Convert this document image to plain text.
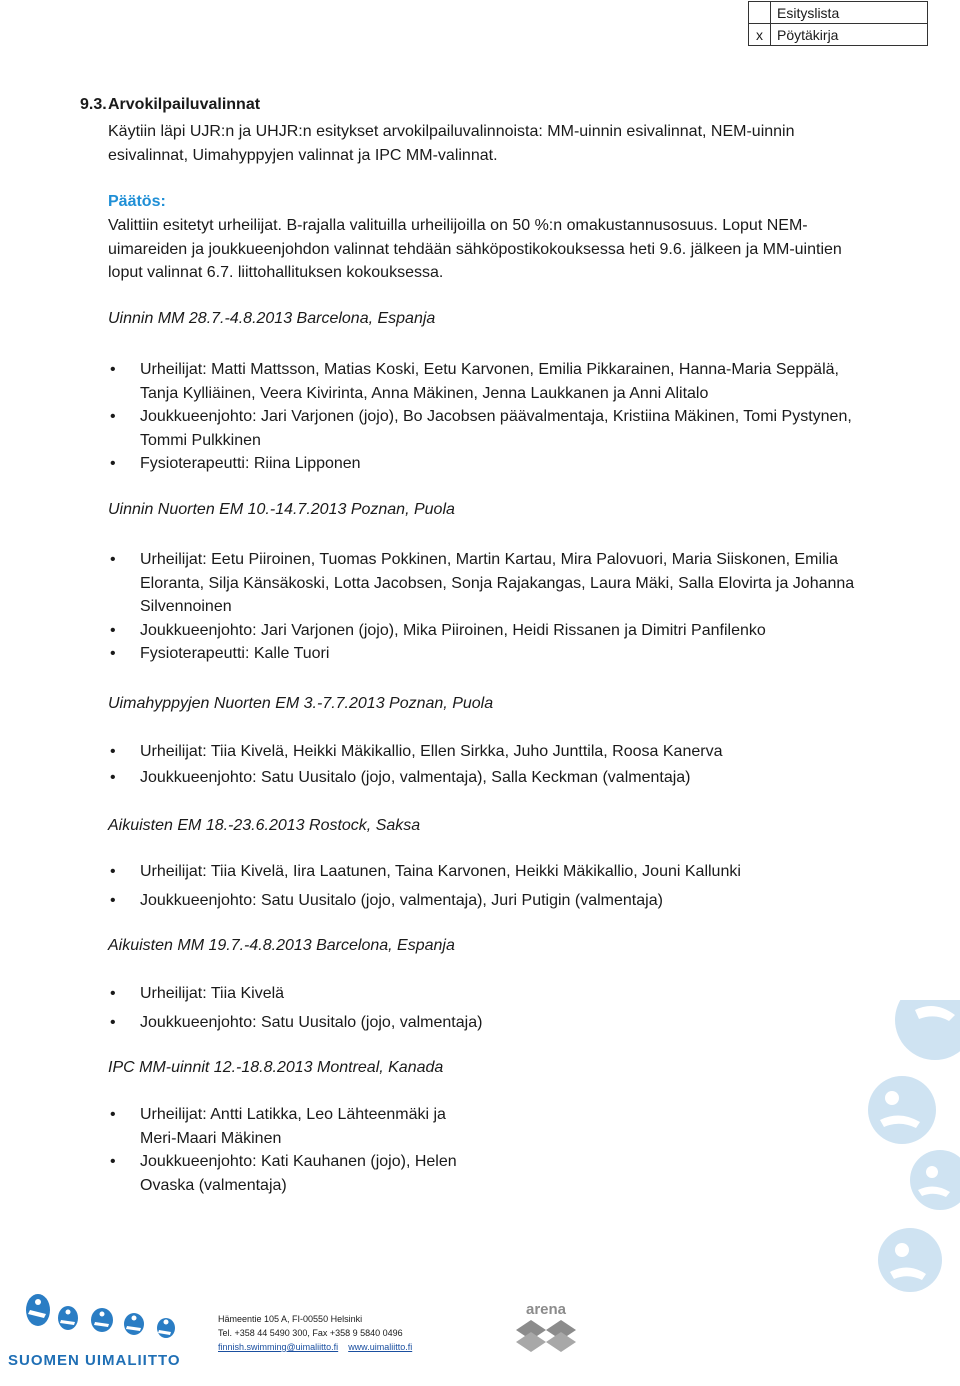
	Esityslista
x	Pöytäkirja
9.3. Arvokilpailuvalinnat
Käytiin läpi UJR:n ja UHJR:n esitykset arvokilpailuvalinnoista: MM-uinnin esivalinnat, NEM-uinnin
esivalinnat, Uimahyppyjen valinnat ja IPC MM-valinnat.
Päätös:
Valittiin esitetyt urheilijat. B-rajalla valituilla urheilijoilla on 50 %:n omakustannusosuus. Loput NEM-
uimareiden ja joukkueenjohdon valinnat tehdään sähköpostikokouksessa heti 9.6. jälkeen ja MM-uintien
loput valinnat 6.7. liittohallituksen kokouksessa.
Uinnin MM 28.7.-4.8.2013 Barcelona, Espanja
• Urheilijat: Matti Mattsson, Matias Koski, Eetu Karvonen, Emilia Pikkarainen, Hanna-Maria Seppälä,
Tanja Kylliäinen, Veera Kivirinta, Anna Mäkinen, Jenna Laukkanen ja Anni Alitalo
• Joukkueenjohto: Jari Varjonen (jojo), Bo Jacobsen päävalmentaja, Kristiina Mäkinen, Tomi Pystynen,
Tommi Pulkkinen
• Fysioterapeutti: Riina Lipponen
Uinnin Nuorten EM 10.-14.7.2013 Poznan, Puola
• Urheilijat: Eetu Piiroinen, Tuomas Pokkinen, Martin Kartau, Mira Palovuori, Maria Siiskonen, Emilia
Eloranta, Silja Känsäkoski, Lotta Jacobsen, Sonja Rajakangas, Laura Mäki, Salla Elovirta ja Johanna
Silvennoinen
• Joukkueenjohto: Jari Varjonen (jojo), Mika Piiroinen, Heidi Rissanen ja Dimitri Panfilenko
• Fysioterapeutti: Kalle Tuori
Uimahyppyjen Nuorten EM 3.-7.7.2013 Poznan, Puola
• Urheilijat: Tiia Kivelä, Heikki Mäkikallio, Ellen Sirkka, Juho Junttila, Roosa Kanerva
• Joukkueenjohto: Satu Uusitalo (jojo, valmentaja), Salla Keckman (valmentaja)
Aikuisten EM 18.-23.6.2013 Rostock, Saksa
• Urheilijat: Tiia Kivelä, Iira Laatunen, Taina Karvonen, Heikki Mäkikallio, Jouni Kallunki
• Joukkueenjohto: Satu Uusitalo (jojo, valmentaja), Juri Putigin (valmentaja)
Aikuisten MM 19.7.-4.8.2013 Barcelona, Espanja
• Urheilijat: Tiia Kivelä
• Joukkueenjohto: Satu Uusitalo (jojo, valmentaja)
IPC MM-uinnit 12.-18.8.2013 Montreal, Kanada
• Urheilijat: Antti Latikka, Leo Lähteenmäki ja
Meri-Maari Mäkinen
• Joukkueenjohto: Kati Kauhanen (jojo), Helen
Ovaska (valmentaja)
SUOMEN UIMALIITTO
arena
Hämeentie 105 A, FI-00550 Helsinki
Tel. +358 44 5490 300, Fax +358 9 5840 0496
finnish.swimming@uimaliitto.fi www.uimaliitto.fi
